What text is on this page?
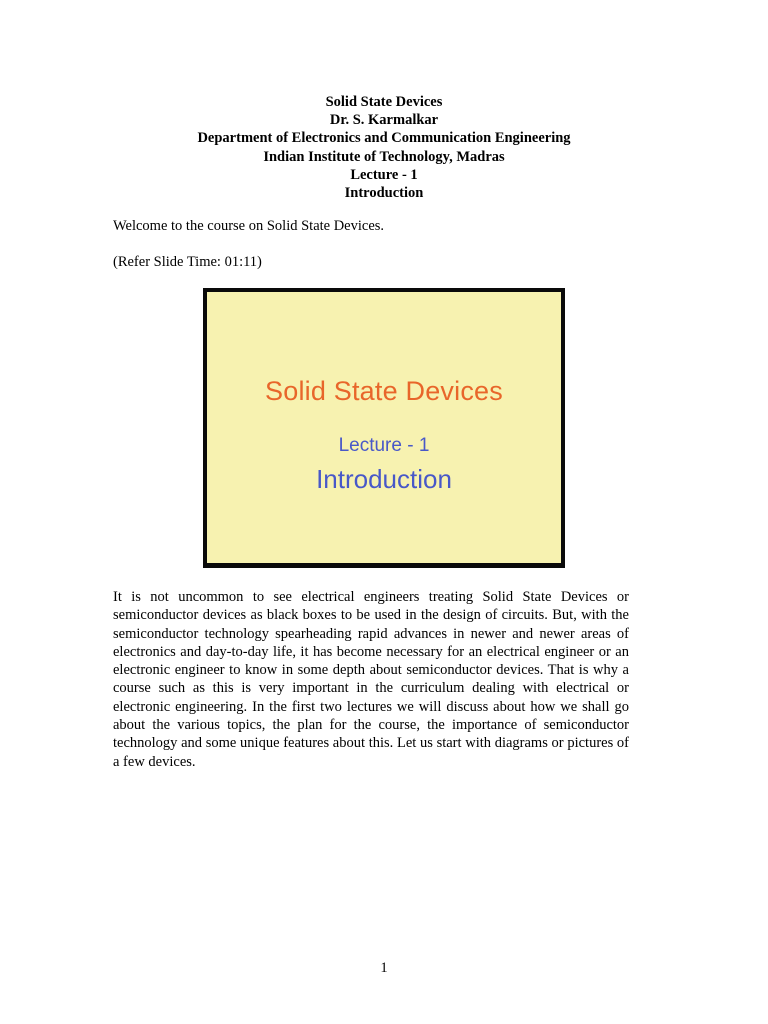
Solid State Devices
Dr. S. Karmalkar
Department of Electronics and Communication Engineering
Indian Institute of Technology, Madras
Lecture - 1
Introduction
Welcome to the course on Solid State Devices.
(Refer Slide Time: 01:11)
Solid State Devices
Lecture - 1
Introduction
It is not uncommon to see electrical engineers treating Solid State Devices or semiconductor devices as black boxes to be used in the design of circuits. But, with the semiconductor technology spearheading rapid advances in newer and newer areas of electronics and day-to-day life, it has become necessary for an electrical engineer or an electronic engineer to know in some depth about semiconductor devices. That is why a course such as this is very important in the curriculum dealing with electrical or electronic engineering. In the first two lectures we will discuss about how we shall go about the various topics, the plan for the course, the importance of semiconductor technology and some unique features about this. Let us start with diagrams or pictures of a few devices.
1
